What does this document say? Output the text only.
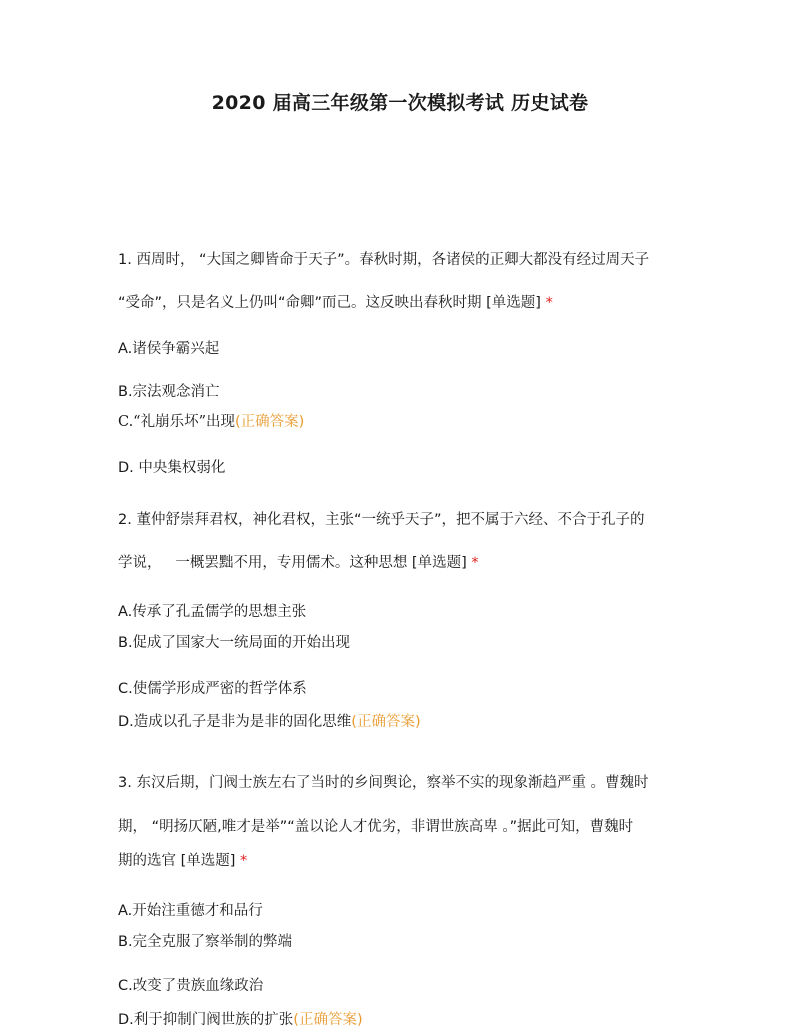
2020 届高三年级第一次模拟考试 历史试卷
1. 西周时， “大国之卿皆命于天子”。春秋时期，各诸侯的正卿大都没有经过周天子
“受命”，只是名义上仍叫“命卿”而己。这反映出春秋时期 [单选题] *
A.诸侯争霸兴起
B.宗法观念消亡
C.“礼崩乐坏”出现(正确答案)
D. 中央集权弱化
2. 董仲舒崇拜君权，神化君权，主张“一统乎天子”，把不属于六经、不合于孔子的
学说，   一概罢黜不用，专用儒术。这种思想 [单选题] *
A.传承了孔孟儒学的思想主张
B.促成了国家大一统局面的开始出现
C.使儒学形成严密的哲学体系
D.造成以孔子是非为是非的固化思维(正确答案)
3. 东汉后期，门阀士族左右了当时的乡间舆论，察举不实的现象渐趋严重 。曹魏时
期， “明扬仄陋,唯才是举”“盖以论人才优劣，非谓世族高卑 。”据此可知，曹魏时
期的选官 [单选题] *
A.开始注重德才和品行
B.完全克服了察举制的弊端
C.改变了贵族血缘政治
D.利于抑制门阀世族的扩张(正确答案)
